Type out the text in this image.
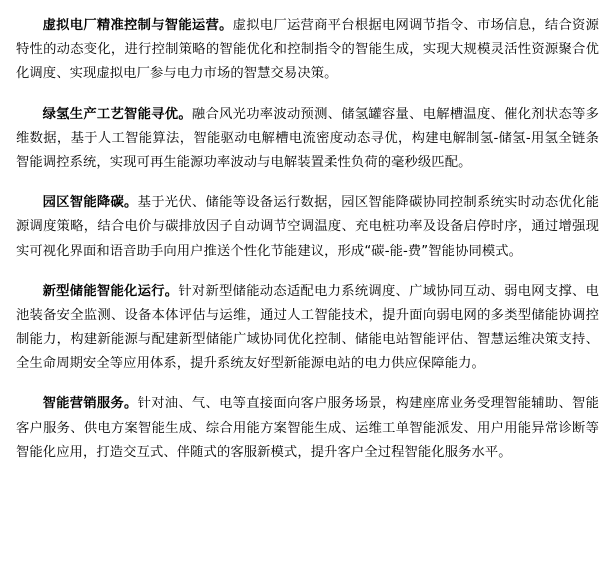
虚拟电厂精准控制与智能运营。虚拟电厂运营商平台根据电网调节指令、市场信息，结合资源特性的动态变化，进行控制策略的智能优化和控制指令的智能生成，实现大规模灵活性资源聚合优化调度、实现虚拟电厂参与电力市场的智慧交易决策。

绿氢生产工艺智能寻优。融合风光功率波动预测、储氢罐容量、电解槽温度、催化剂状态等多维数据，基于人工智能算法，智能驱动电解槽电流密度动态寻优，构建电解制氢-储氢-用氢全链条智能调控系统，实现可再生能源功率波动与电解装置柔性负荷的毫秒级匹配。

园区智能降碳。基于光伏、储能等设备运行数据，园区智能降碳协同控制系统实时动态优化能源调度策略，结合电价与碳排放因子自动调节空调温度、充电桩功率及设备启停时序，通过增强现实可视化界面和语音助手向用户推送个性化节能建议，形成“碳-能-费”智能协同模式。

新型储能智能化运行。针对新型储能动态适配电力系统调度、广域协同互动、弱电网支撑、电池装备安全监测、设备本体评估与运维，通过人工智能技术，提升面向弱电网的多类型储能协调控制能力，构建新能源与配建新型储能广域协同优化控制、储能电站智能评估、智慧运维决策支持、全生命周期安全等应用体系，提升系统友好型新能源电站的电力供应保障能力。

智能营销服务。针对油、气、电等直接面向客户服务场景，构建座席业务受理智能辅助、智能客户服务、供电方案智能生成、综合用能方案智能生成、运维工单智能派发、用户用能异常诊断等智能化应用，打造交互式、伴随式的客服新模式，提升客户全过程智能化服务水平。
